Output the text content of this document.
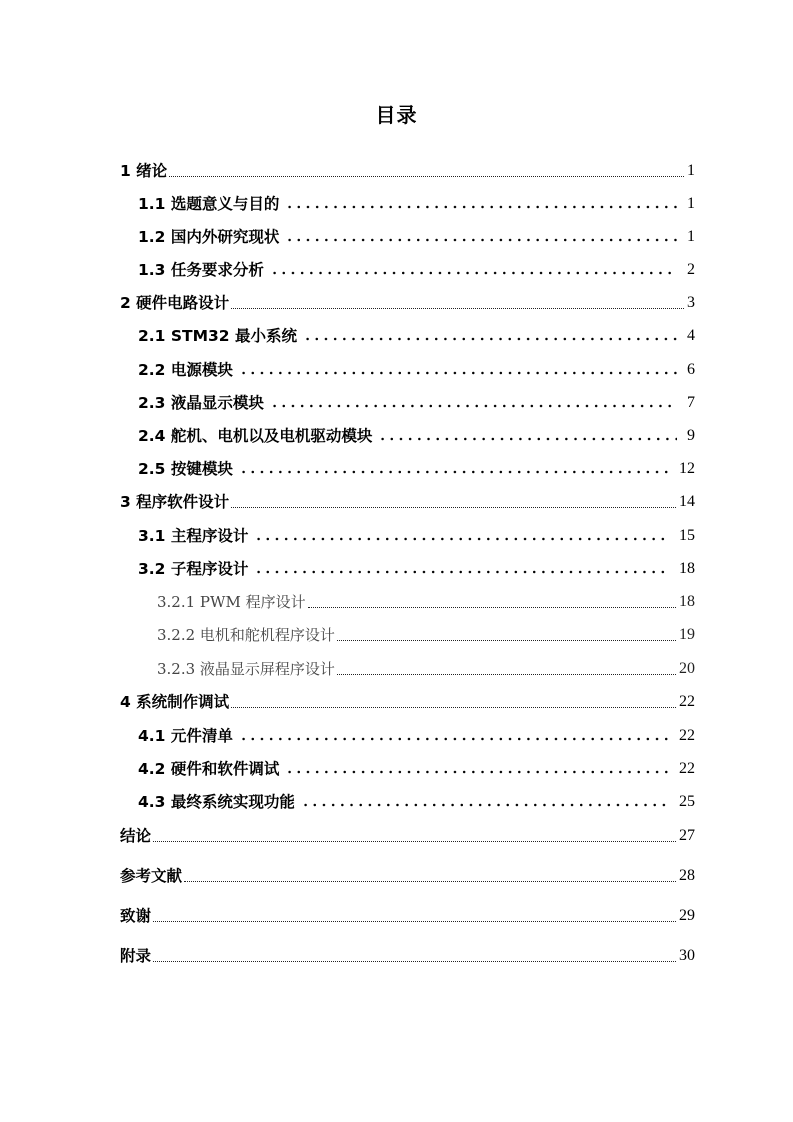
目录
1 绪论	1
1.1 选题意义与目的	1
1.2 国内外研究现状	1
1.3 任务要求分析	2
2 硬件电路设计	3
2.1 STM32 最小系统	4
2.2 电源模块	6
2.3 液晶显示模块	7
2.4 舵机、电机以及电机驱动模块	9
2.5 按键模块	12
3 程序软件设计	14
3.1 主程序设计	15
3.2 子程序设计	18
3.2.1 PWM 程序设计	18
3.2.2 电机和舵机程序设计	19
3.2.3 液晶显示屏程序设计	20
4 系统制作调试	22
4.1 元件清单	22
4.2 硬件和软件调试	22
4.3 最终系统实现功能	25
结论	27
参考文献	28
致谢	29
附录	30
